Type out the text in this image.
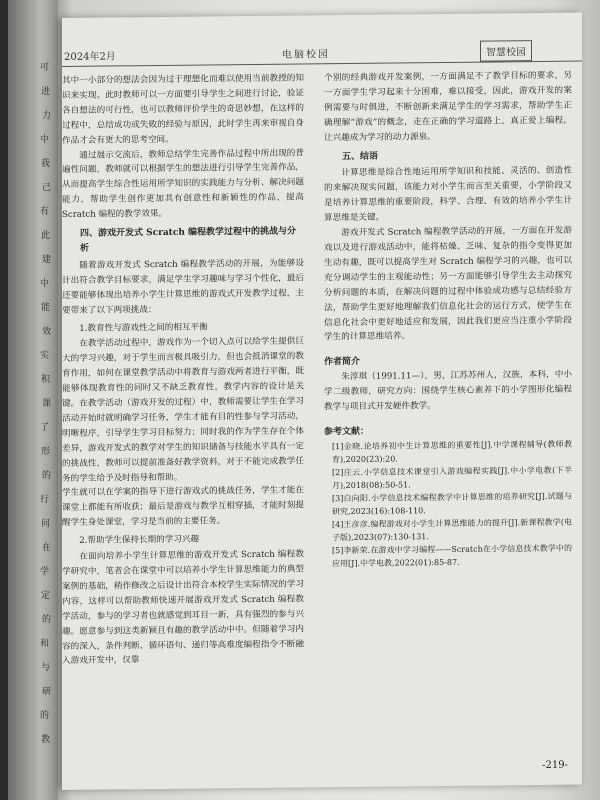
可
进
力
中
我
己
有
此
建
中
能
效
实
积
课
了
形
的
行
问
在
学
定
的
和
与
研
的
教
2024年2月	电脑校园	智慧校园

其中一小部分的想法会因为过于理想化而难以使用当前教授的知识来实现。此时教师可以一方面要引导学生之间进行讨论，验证各自想法的可行性，也可以教师评价学生的奇思妙想，在这样的过程中，总结成功或失败的经验与原因，此时学生再来审视自身作品才会有更大的思考空间。

通过展示交流后，教师总结学生完善作品过程中所出现的普遍性问题，教师就可以根据学生的想法进行引导学生完善作品，从而提高学生综合性运用所学知识的实践能力与分析、解决问题能力，帮助学生创作更加具有创意性和新颖性的作品，提高 Scratch 编程的教学效果。

四、游戏开发式 Scratch 编程教学过程中的挑战与分析

随着游戏开发式 Scratch 编程教学活动的开展，为能够设计出符合教学目标要求，满足学生学习趣味与学习个性化，最后还要能够体现出培养小学生计算思维的游戏式开发教学过程，主要带来了以下两项挑战：

1.教育性与游戏性之间的相互平衡

在教学活动过程中，游戏作为一个切入点可以给学生提供巨大的学习兴趣，对于学生而言极具吸引力，但也会抵消课堂的教育作用，如何在课堂教学活动中将教育与游戏两者进行平衡，既能够体现教育性的同时又不缺乏教育性，教学内容的设计是关键。在教学活动（游戏开发的过程）中，教师需要让学生在学习活动开始时就明确学习任务，学生才能有目的性参与学习活动，明晰程序，引导学生学习目标努力；同时我的作为学生存在个体差异，游戏开发式的教学对学生的知识储备与技能水平具有一定的挑战性，教师可以提前准备好教学资料，对于不能完成教学任务的学生给予及时指导和帮助。

学生就可以在学案的指导下进行游戏式的挑战任务，学生才能在课堂上都能有所收获；最后是游戏与教学互相穿插，才能时刻提醒学生身处课堂，学习是当前的主要任务。

2.帮助学生保持长期的学习兴趣

在面向培养小学生计算思维的游戏开发式 Scratch 编程教学研究中，笔者会在课堂中可以培养小学生计算思维能力的典型案例的基础，稍作修改之后设计出符合本校学生实际情况的学习内容，这样可以帮助教师快速开展游戏开发式 Scratch 编程教学活动，参与的学习者也就感觉到耳目一新，具有强烈的参与兴趣。愿意参与到这类新颖且有趣的教学活动中中。但随着学习内容的深入，条件判断、循环语句、递归等高难度编程指令不断融入游戏开发中，仅靠

个别的经典游戏开发案例，一方面满足不了教学目标的要求，另一方面学生学习起来十分困难，难以接受，因此，游戏开发的案例需要与时俱进，不断创新来满足学生的学习需求，帮助学生正确理解“游戏”的概念，走在正确的学习道路上，真正爱上编程，让兴趣成为学习的动力源泉。

五、结语

计算思维是综合性地运用所学知识和技能、灵活的、创造性的来解决现实问题，该能力对小学生而言至关重要，小学阶段又是培养计算思维的重要阶段，科学、合理、有效的培养小学生计算思维是关键。

游戏开发式 Scratch 编程教学活动的开展，一方面在开发游戏以及进行游戏活动中，能将枯燥、乏味、复杂的指令变得更加生动有趣，既可以提高学生对 Scratch 编程学习的兴趣，也可以充分调动学生的主观能动性；另一方面能够引导学生去主动探究分析问题的本质，在解决问题的过程中体验成功感与总结经验方法，帮助学生更好地理解我们信息化社会的运行方式，使学生在信息化社会中更好地适应和发展，因此我们更应当注重小学阶段学生的计算思维培养。

作者简介

朱淳琪（1991.11—），男，江苏苏州人，汉族，本科，中小学二级教师，研究方向：围绕学生核心素养下的小学图形化编程教学与项目式开发硬件教学。

参考文献：

[1]金晓.论培养初中生计算思维的重要性[J].中学课程辅导(教师教育),2020(23):20.

[2]庄云.小学信息技术课堂引入游戏编程实践[J].中小学电教(下半月),2018(08):50-51.

[3]白向阳.小学信息技术编程教学中计算思维的培养研究[J].试题与研究,2023(16):108-110.

[4]王彦彦.编程游戏对小学生计算思维能力的提升[J].新课程教学(电子版),2023(07):130-131.

[5]李新荣.在游戏中学习编程——Scratch在小学信息技术教学中的应用[J].中学电教,2022(01):85-87.

-219-
